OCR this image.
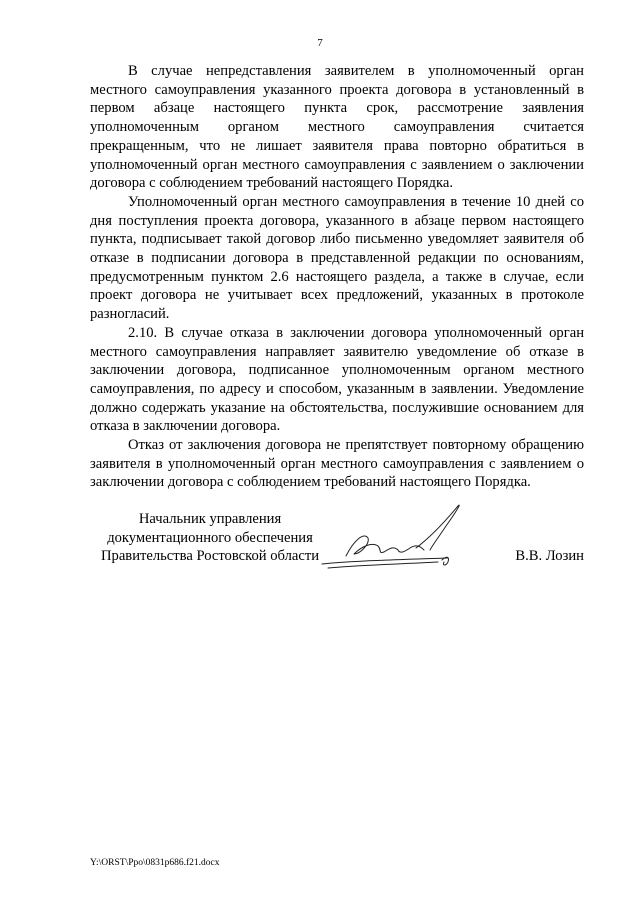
7

В случае непредставления заявителем в уполномоченный орган местного самоуправления указанного проекта договора в установленный в первом абзаце настоящего пункта срок, рассмотрение заявления уполномоченным органом местного самоуправления считается прекращенным, что не лишает заявителя права повторно обратиться в уполномоченный орган местного самоуправления с заявлением о заключении договора с соблюдением требований настоящего Порядка.

Уполномоченный орган местного самоуправления в течение 10 дней со дня поступления проекта договора, указанного в абзаце первом настоящего пункта, подписывает такой договор либо письменно уведомляет заявителя об отказе в подписании договора в представленной редакции по основаниям, предусмотренным пунктом 2.6 настоящего раздела, а также в случае, если проект договора не учитывает всех предложений, указанных в протоколе разногласий.

2.10. В случае отказа в заключении договора уполномоченный орган местного самоуправления направляет заявителю уведомление об отказе в заключении договора, подписанное уполномоченным органом местного самоуправления, по адресу и способом, указанным в заявлении. Уведомление должно содержать указание на обстоятельства, послужившие основанием для отказа в заключении договора.

Отказ от заключения договора не препятствует повторному обращению заявителя в уполномоченный орган местного самоуправления с заявлением о заключении договора с соблюдением требований настоящего Порядка.

Начальник управления
документационного обеспечения
Правительства Ростовской области	В.В. Лозин
Y:\ORST\Ppo\0831p686.f21.docx
